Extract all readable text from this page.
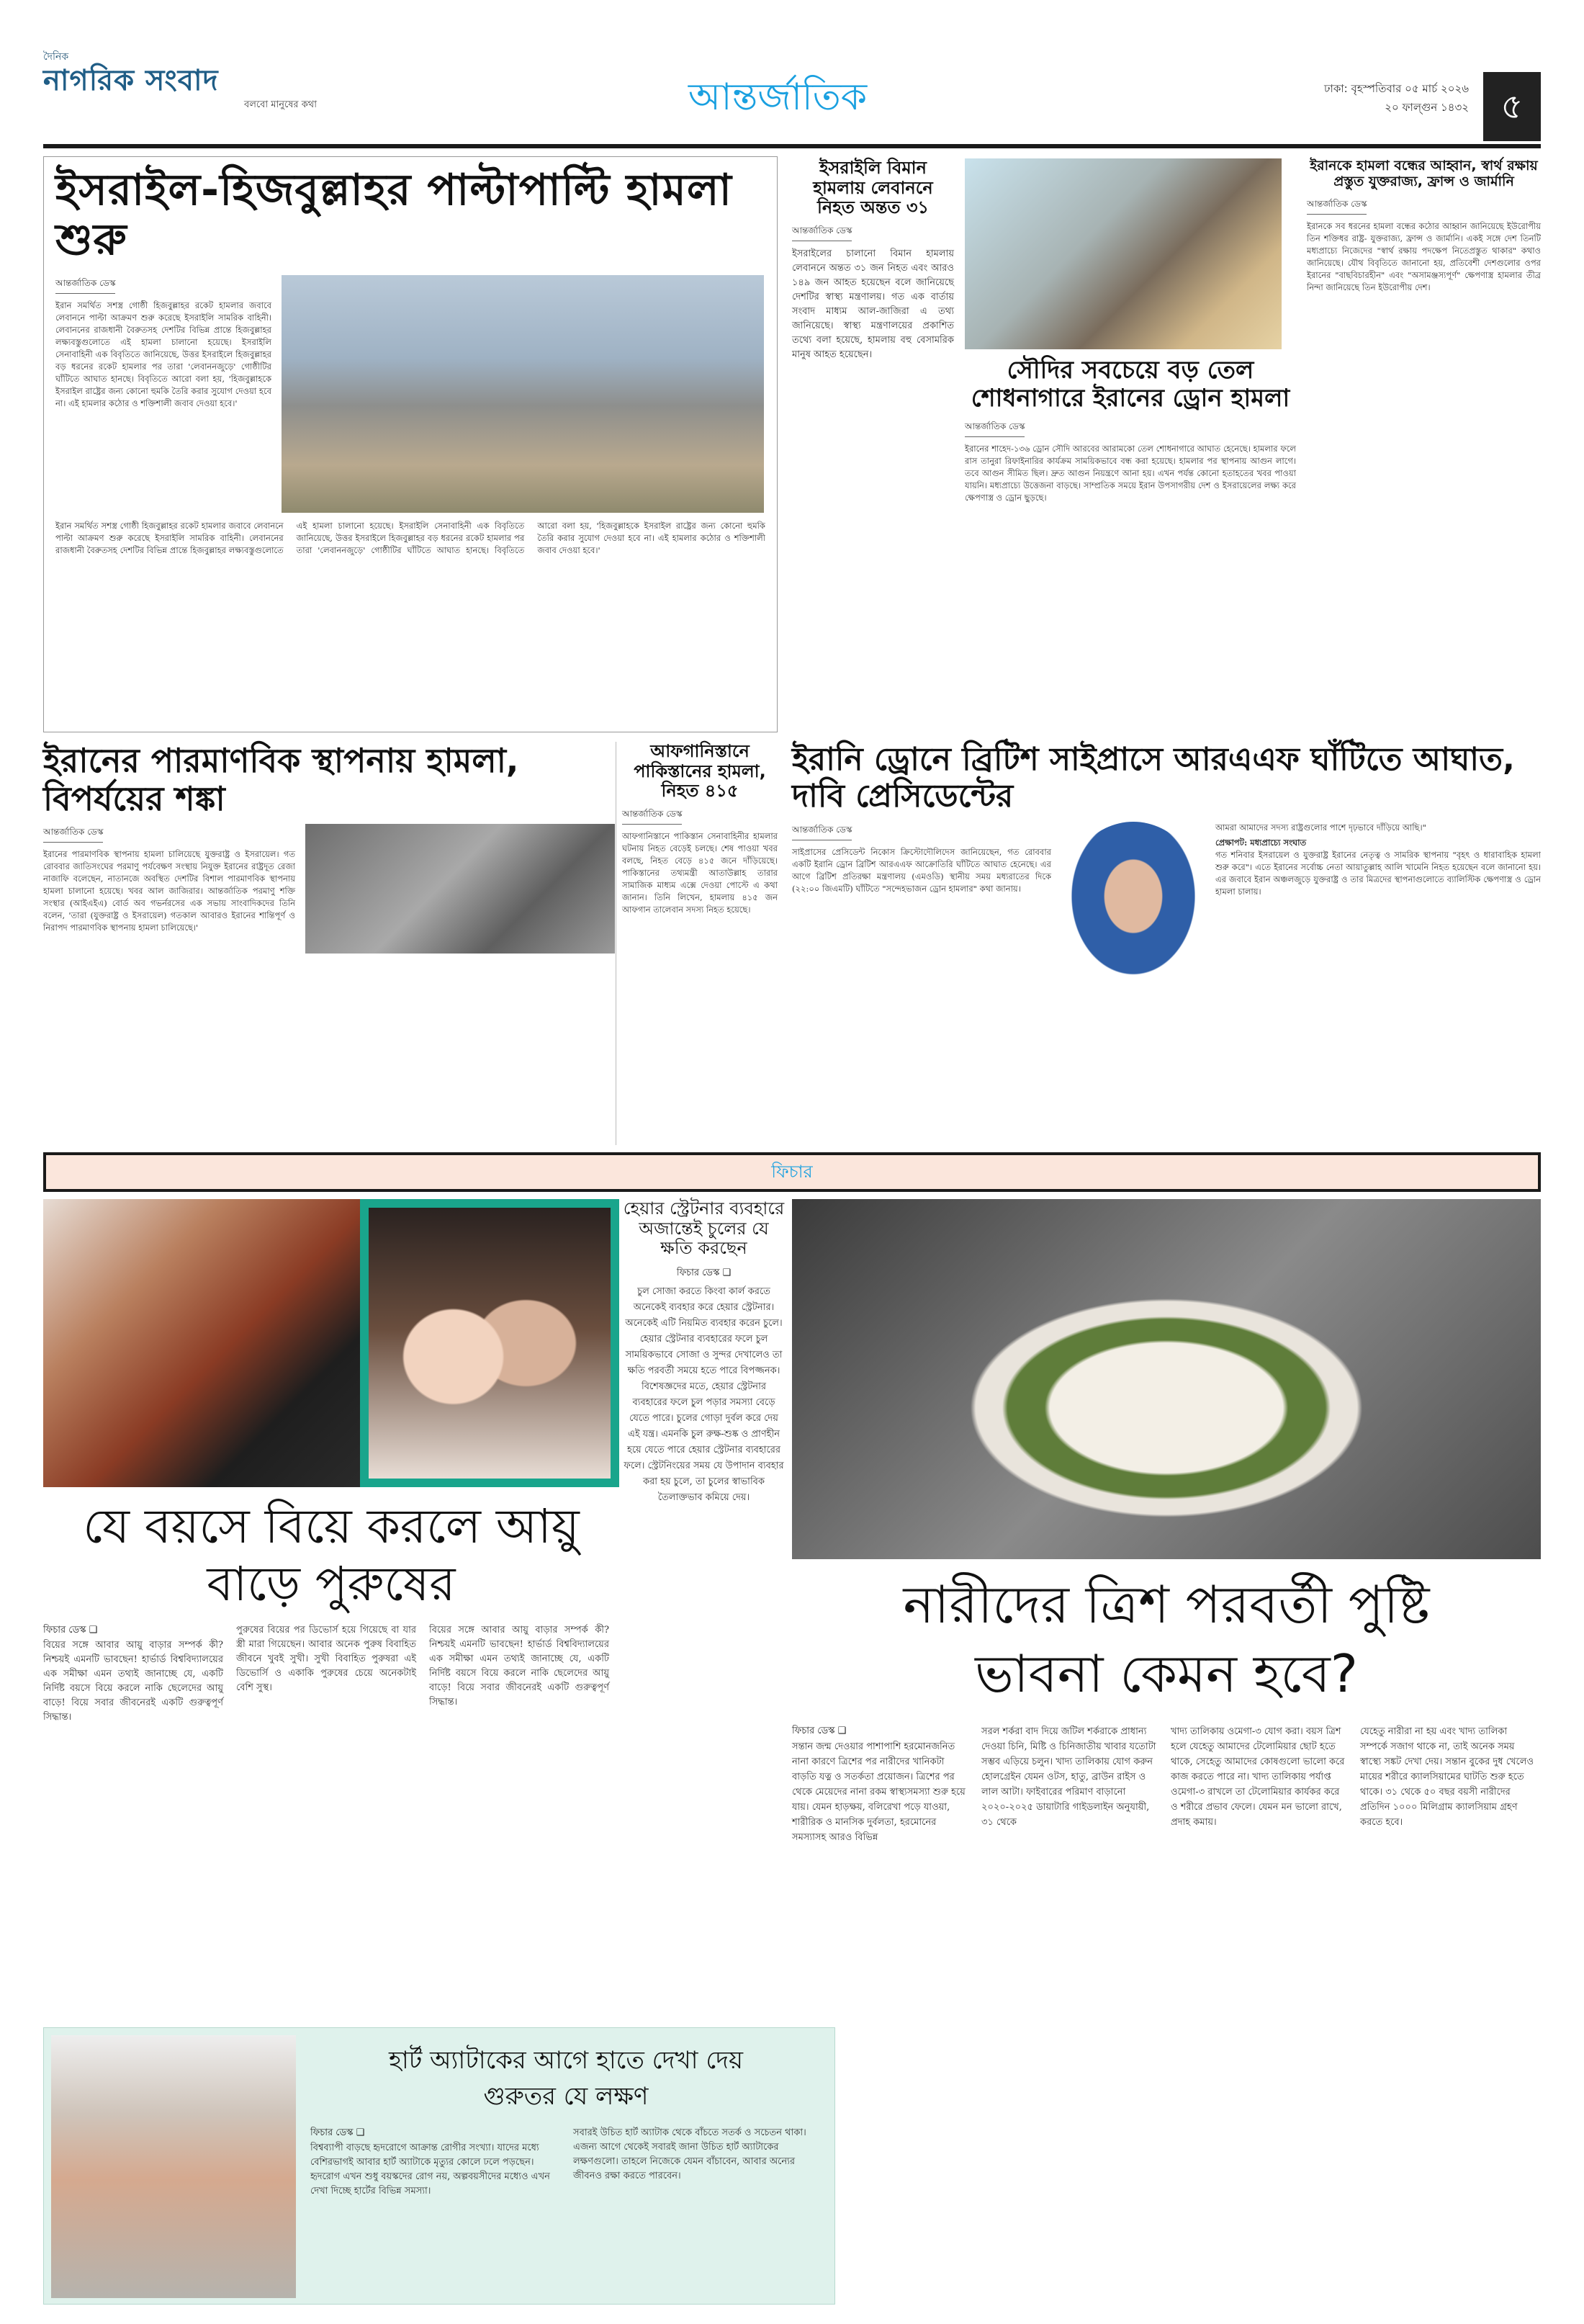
দৈনিক
নাগরিক সংবাদ
বলবো মানুষের কথা	আন্তর্জাতিক	ঢাকা: বৃহস্পতিবার ০৫ মার্চ ২০২৬
২০ ফাল্গুন ১৪৩২ ৫
ইসরাইল-হিজবুল্লাহর পাল্টাপাল্টি হামলা শুরু
আন্তর্জাতিক ডেস্ক

ইরান সমর্থিত সশস্ত্র গোষ্ঠী হিজবুল্লাহর রকেট হামলার জবাবে লেবাননে পাল্টা আক্রমণ শুরু করেছে ইসরাইলি সামরিক বাহিনী। লেবাননের রাজধানী বৈরুতসহ দেশটির বিভিন্ন প্রান্তে হিজবুল্লাহর লক্ষ্যবস্তুগুলোতে এই হামলা চালানো হয়েছে। ইসরাইলি সেনাবাহিনী এক বিবৃতিতে জানিয়েছে, উত্তর ইসরাইলে হিজবুল্লাহর বড় ধরনের রকেট হামলার পর তারা 'লেবাননজুড়ে' গোষ্ঠীটির ঘাঁটিতে আঘাত হানছে। বিবৃতিতে আরো বলা হয়, 'হিজবুল্লাহকে ইসরাইল রাষ্ট্রের জন্য কোনো হুমকি তৈরি করার সুযোগ দেওয়া হবে না। এই হামলার কঠোর ও শক্তিশালী জবাব দেওয়া হবে।'

ইরান সমর্থিত সশস্ত্র গোষ্ঠী হিজবুল্লাহর রকেট হামলার জবাবে লেবাননে পাল্টা আক্রমণ শুরু করেছে ইসরাইলি সামরিক বাহিনী। লেবাননের রাজধানী বৈরুতসহ দেশটির বিভিন্ন প্রান্তে হিজবুল্লাহর লক্ষ্যবস্তুগুলোতে এই হামলা চালানো হয়েছে। ইসরাইলি সেনাবাহিনী এক বিবৃতিতে জানিয়েছে, উত্তর ইসরাইলে হিজবুল্লাহর বড় ধরনের রকেট হামলার পর তারা 'লেবাননজুড়ে' গোষ্ঠীটির ঘাঁটিতে আঘাত হানছে। বিবৃতিতে আরো বলা হয়, 'হিজবুল্লাহকে ইসরাইল রাষ্ট্রের জন্য কোনো হুমকি তৈরি করার সুযোগ দেওয়া হবে না। এই হামলার কঠোর ও শক্তিশালী জবাব দেওয়া হবে।'

ইসরাইলি বিমান হামলায় লেবাননে নিহত অন্তত ৩১
আন্তর্জাতিক ডেস্ক

ইসরাইলের চালানো বিমান হামলায় লেবাননে অন্তত ৩১ জন নিহত এবং আরও ১৪৯ জন আহত হয়েছেন বলে জানিয়েছে দেশটির স্বাস্থ্য মন্ত্রণালয়। গত এক বার্তায় সংবাদ মাধ্যম আল-জাজিরা এ তথ্য জানিয়েছে। স্বাস্থ্য মন্ত্রণালয়ের প্রকাশিত তথ্যে বলা হয়েছে, হামলায় বহু বেসামরিক মানুষ আহত হয়েছেন।

সৌদির সবচেয়ে বড় তেল শোধনাগারে ইরানের ড্রোন হামলা
আন্তর্জাতিক ডেস্ক

ইরানের শাহেদ-১৩৬ ড্রোন সৌদি আরবের আরামকো তেল শোধনাগারে আঘাত হেনেছে। হামলার ফলে রাস তানুরা রিফাইনারির কার্যক্রম সাময়িকভাবে বন্ধ করা হয়েছে। হামলার পর স্থাপনায় আগুন লাগে। তবে আগুন সীমিত ছিল। দ্রুত আগুন নিয়ন্ত্রণে আনা হয়। এখন পর্যন্ত কোনো হতাহতের খবর পাওয়া যায়নি। মধ্যপ্রাচ্যে উত্তেজনা বাড়ছে। সাম্প্রতিক সময়ে ইরান উপসাগরীয় দেশ ও ইসরায়েলের লক্ষ্য করে ক্ষেপণাস্ত্র ও ড্রোন ছুড়ছে।

ইরানকে হামলা বন্ধের আহ্বান, স্বার্থ রক্ষায় প্রস্তুত যুক্তরাজ্য, ফ্রান্স ও জার্মানি
আন্তর্জাতিক ডেস্ক

ইরানকে সব ধরনের হামলা বন্ধের কঠোর আহ্বান জানিয়েছে ইউরোপীয় তিন শক্তিধর রাষ্ট্র- যুক্তরাজ্য, ফ্রান্স ও জার্মানি। একই সঙ্গে দেশ তিনটি মধ্যপ্রাচ্যে নিজেদের "স্বার্থ রক্ষায় পদক্ষেপ নিতেপ্রস্তুত থাকার" কথাও জানিয়েছে। যৌথ বিবৃতিতে জানানো হয়, প্রতিবেশী দেশগুলোর ওপর ইরানের "বাছবিচারহীন" এবং "অসামঞ্জস্যপূর্ণ" ক্ষেপণাস্ত্র হামলার তীব্র নিন্দা জানিয়েছে তিন ইউরোপীয় দেশ।

ইরানের পারমাণবিক স্থাপনায় হামলা, বিপর্যয়ের শঙ্কা
আন্তর্জাতিক ডেস্ক

ইরানের পারমাণবিক স্থাপনায় হামলা চালিয়েছে যুক্তরাষ্ট্র ও ইসরায়েল। গত রোববার জাতিসংঘের পরমাণু পর্যবেক্ষণ সংস্থায় নিযুক্ত ইরানের রাষ্ট্রদূত রেজা নাজাফি বলেছেন, নাতানজে অবস্থিত দেশটির বিশাল পারমাণবিক স্থাপনায় হামলা চালানো হয়েছে। খবর আল জাজিরার। আন্তর্জাতিক পরমাণু শক্তি সংস্থার (আইএইএ) বোর্ড অব গভর্নরসের এক সভায় সাংবাদিকদের তিনি বলেন, 'তারা (যুক্তরাষ্ট্র ও ইসরায়েল) গতকাল আবারও ইরানের শান্তিপূর্ণ ও নিরাপদ পারমাণবিক স্থাপনায় হামলা চালিয়েছে।'

আফগানিস্তানে পাকিস্তানের হামলা, নিহত ৪১৫
আন্তর্জাতিক ডেস্ক

আফগানিস্তানে পাকিস্তান সেনাবাহিনীর হামলার ঘটনায় নিহত বেড়েই চলছে। শেষ পাওয়া খবর বলছে, নিহত বেড়ে ৪১৫ জনে দাঁড়িয়েছে। পাকিস্তানের তথ্যমন্ত্রী আতাউল্লাহ তারার সামাজিক মাধ্যম এক্সে দেওয়া পোস্টে এ কথা জানান। তিনি লিখেন, হামলায় ৪১৫ জন আফগান তালেবান সদস্য নিহত হয়েছে।

ইরানি ড্রোনে ব্রিটিশ সাইপ্রাসে আরএএফ ঘাঁটিতে আঘাত, দাবি প্রেসিডেন্টের
আন্তর্জাতিক ডেস্ক

সাইপ্রাসের প্রেসিডেন্ট নিকোস ক্রিস্টোদৌলিদেস জানিয়েছেন, গত রোববার একটি ইরানি ড্রোন ব্রিটিশ আরএএফ আক্রোতিরি ঘাঁটিতে আঘাত হেনেছে। এর আগে ব্রিটিশ প্রতিরক্ষা মন্ত্রণালয় (এমওডি) স্থানীয় সময় মধ্যরাতের দিকে (২২:০০ জিএমটি) ঘাঁটিতে "সন্দেহভাজন ড্রোন হামলার" কথা জানায়।

আমরা আমাদের সদস্য রাষ্ট্রগুলোর পাশে দৃঢ়ভাবে দাঁড়িয়ে আছি।"

প্রেক্ষাপট: মধ্যপ্রাচ্যে সংঘাত

গত শনিবার ইসরায়েল ও যুক্তরাষ্ট্র ইরানের নেতৃত্ব ও সামরিক স্থাপনায় "বৃহৎ ও ধারাবাহিক হামলা শুরু করে"। এতে ইরানের সর্বোচ্চ নেতা আয়াতুল্লাহ আলি খামেনি নিহত হয়েছেন বলে জানানো হয়। এর জবাবে ইরান অঞ্চলজুড়ে যুক্তরাষ্ট্র ও তার মিত্রদের স্থাপনাগুলোতে ব্যালিস্টিক ক্ষেপণাস্ত্র ও ড্রোন হামলা চালায়।

ফিচার
হেয়ার স্ট্রেটনার ব্যবহারে অজান্তেই চুলের যে ক্ষতি করছেন
ফিচার ডেস্ক ❑

চুল সোজা করতে কিংবা কার্ল করতে অনেকেই ব্যবহার করে হেয়ার স্ট্রেটনার। অনেকেই এটি নিয়মিত ব্যবহার করেন চুলে। হেয়ার স্ট্রেটনার ব্যবহারের ফলে চুল সাময়িকভাবে সোজা ও সুন্দর দেখালেও তা ক্ষতি পরবর্তী সময়ে হতে পারে বিপজ্জনক। বিশেষজ্ঞদের মতে, হেয়ার স্ট্রেটনার ব্যবহারের ফলে চুল পড়ার সমস্যা বেড়ে যেতে পারে। চুলের গোড়া দুর্বল করে দেয় এই যন্ত্র। এমনকি চুল রুক্ষ-শুষ্ক ও প্রাণহীন হয়ে যেতে পারে হেয়ার স্ট্রেটনার ব্যবহারের ফলে। স্ট্রেটনিংয়ের সময় যে উপাদান ব্যবহার করা হয় চুলে, তা চুলের স্বাভাবিক তৈলাক্তভাব কমিয়ে দেয়।

যে বয়সে বিয়ে করলে আয়ু বাড়ে পুরুষের
ফিচার ডেস্ক ❑

বিয়ের সঙ্গে আবার আয়ু বাড়ার সম্পর্ক কী? নিশ্চয়ই এমনটি ভাবছেন! হার্ভার্ড বিশ্ববিদ্যালয়ের এক সমীক্ষা এমন তথ্যই জানাচ্ছে যে, একটি নির্দিষ্ট বয়সে বিয়ে করলে নাকি ছেলেদের আয়ু বাড়ে! বিয়ে সবার জীবনেরই একটি গুরুত্বপূর্ণ সিদ্ধান্ত।

পুরুষের বিয়ের পর ডিভোর্স হয়ে গিয়েছে বা যার স্ত্রী মারা গিয়েছেন। আবার অনেক পুরুষ বিবাহিত জীবনে খুবই সুখী। সুখী বিবাহিত পুরুষরা এই ডিভোর্সি ও একাকি পুরুষের চেয়ে অনেকটাই বেশি সুস্থ।

বিয়ের সঙ্গে আবার আয়ু বাড়ার সম্পর্ক কী? নিশ্চয়ই এমনটি ভাবছেন! হার্ভার্ড বিশ্ববিদ্যালয়ের এক সমীক্ষা এমন তথ্যই জানাচ্ছে যে, একটি নির্দিষ্ট বয়সে বিয়ে করলে নাকি ছেলেদের আয়ু বাড়ে! বিয়ে সবার জীবনেরই একটি গুরুত্বপূর্ণ সিদ্ধান্ত।

নারীদের ত্রিশ পরবর্তী পুষ্টি ভাবনা কেমন হবে?
ফিচার ডেস্ক ❑

সন্তান জন্ম দেওয়ার পাশাপাশি হরমোনজনিত নানা কারণে ত্রিশের পর নারীদের খানিকটা বাড়তি যত্ন ও সতর্কতা প্রয়োজন। ত্রিশের পর থেকে মেয়েদের নানা রকম স্বাস্থ্যসমস্যা শুরু হয়ে যায়। যেমন হাড়ক্ষয়, বলিরেখা পড়ে যাওয়া, শারীরিক ও মানসিক দুর্বলতা, হরমোনের সমস্যাসহ আরও বিভিন্ন

সরল শর্করা বাদ দিয়ে জটিল শর্করাকে প্রাধান্য দেওয়া চিনি, মিষ্টি ও চিনিজাতীয় খাবার যতোটা সম্ভব এড়িয়ে চলুন। খাদ্য তালিকায় যোগ করুন হোলগ্রেইন যেমন ওটস, হাতু, ব্রাউন রাইস ও লাল আটা। ফাইবারের পরিমাণ বাড়ানো ২০২০-২০২৫ ডায়াটারি গাইডলাইন অনুযায়ী, ৩১ থেকে

খাদ্য তালিকায় ওমেগা-৩ যোগ করা। বয়স ত্রিশ হলে যেহেতু আমাদের টেলোমিয়ার ছোট হতে থাকে, সেহেতু আমাদের কোষগুলো ভালো করে কাজ করতে পারে না। খাদ্য তালিকায় পর্যাপ্ত ওমেগা-৩ রাখলে তা টেলোমিয়ার কার্যকর করে ও শরীরে প্রভাব ফেলে। যেমন মন ভালো রাখে, প্রদাহ কমায়।

যেহেতু নারীরা না হয় এবং খাদ্য তালিকা সম্পর্কে সজাগ থাকে না, তাই অনেক সময় স্বাস্থ্যে সঙ্কট দেখা দেয়। সন্তান বুকের দুধ খেলেও মায়ের শরীরে ক্যালসিয়ামের ঘাটতি শুরু হতে থাকে। ৩১ থেকে ৫০ বছর বয়সী নারীদের প্রতিদিন ১০০০ মিলিগ্রাম ক্যালসিয়াম গ্রহণ করতে হবে।

হার্ট অ্যাটাকের আগে হাতে দেখা দেয় গুরুতর যে লক্ষণ
ফিচার ডেস্ক ❑

বিশ্বব্যাপী বাড়ছে হৃদরোগে আক্রান্ত রোগীর সংখ্যা। যাদের মধ্যে বেশিরভাগই আবার হার্ট অ্যাটাকে মৃত্যুর কোলে ঢলে পড়ছেন। হৃদরোগ এখন শুধু বয়স্কদের রোগ নয়, অল্পবয়সীদের মধ্যেও এখন দেখা দিচ্ছে হার্টের বিভিন্ন সমস্যা।

সবারই উচিত হার্ট অ্যাটাক থেকে বাঁচতে সতর্ক ও সচেতন থাকা। এজন্য আগে থেকেই সবারই জানা উচিত হার্ট অ্যাটাকের লক্ষণগুলো। তাহলে নিজেকে যেমন বাঁচাবেন, আবার অন্যের জীবনও রক্ষা করতে পারবেন।
